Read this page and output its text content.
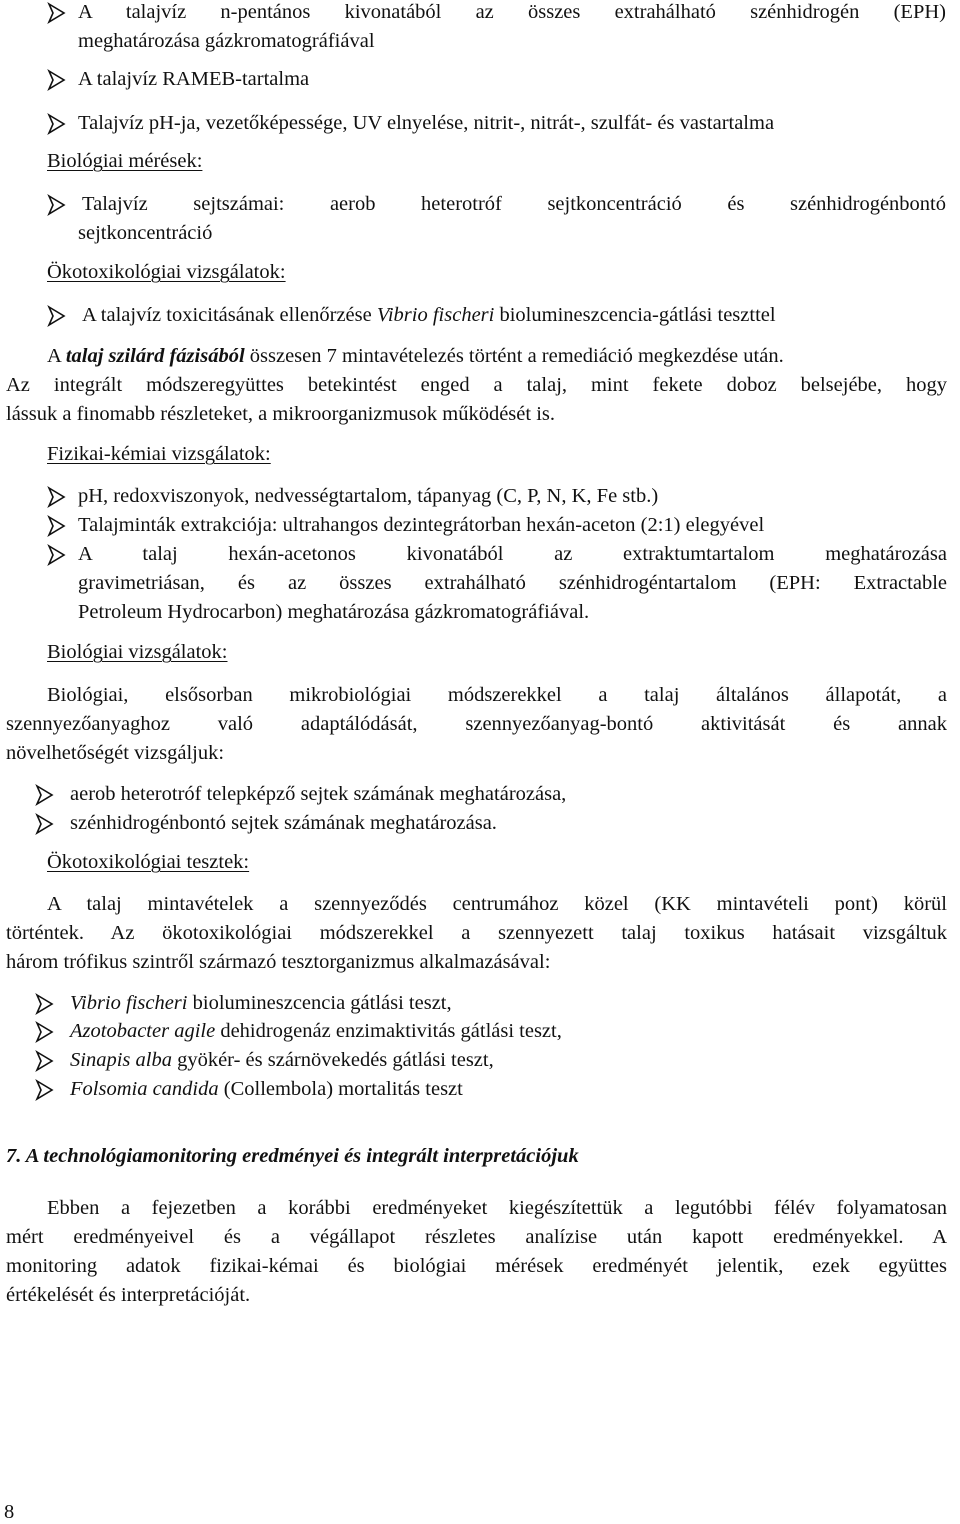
A talajvíz n-pentános kivonatából az összes extrahálható szénhidrogén (EPH)
meghatározása gázkromatográfiával
A talajvíz RAMEB-tartalma
Talajvíz pH-ja, vezetőképessége, UV elnyelése, nitrit-, nitrát-, szulfát- és vastartalma
Biológiai mérések:
Talajvíz sejtszámai: aerob heterotróf sejtkoncentráció és szénhidrogénbontó
sejtkoncentráció
Ökotoxikológiai vizsgálatok:
A talajvíz toxicitásának ellenőrzése Vibrio fischeri biolumineszcencia-gátlási teszttel
A talaj szilárd fázisából összesen 7 mintavételezés történt a remediáció megkezdése után.
Az integrált módszeregyüttes betekintést enged a talaj, mint fekete doboz belsejébe, hogy
lássuk a finomabb részleteket, a mikroorganizmusok működését is.
Fizikai-kémiai vizsgálatok:
pH, redoxviszonyok, nedvességtartalom, tápanyag (C, P, N, K, Fe stb.)
Talajminták extrakciója: ultrahangos dezintegrátorban hexán-aceton (2:1) elegyével
A talaj hexán-acetonos kivonatából az extraktumtartalom meghatározása
gravimetriásan, és az összes extrahálható szénhidrogéntartalom (EPH: Extractable
Petroleum Hydrocarbon) meghatározása gázkromatográfiával.
Biológiai vizsgálatok:
Biológiai, elsősorban mikrobiológiai módszerekkel a talaj általános állapotát, a
szennyezőanyaghoz való adaptálódását, szennyezőanyag-bontó aktivitását és annak
növelhetőségét vizsgáljuk:
aerob heterotróf telepképző sejtek számának meghatározása,
szénhidrogénbontó sejtek számának meghatározása.
Ökotoxikológiai tesztek:
A talaj mintavételek a szennyeződés centrumához közel (KK mintavételi pont) körül
történtek. Az ökotoxikológiai módszerekkel a szennyezett talaj toxikus hatásait vizsgáltuk
három trófikus szintről származó tesztorganizmus alkalmazásával:
Vibrio fischeri biolumineszcencia gátlási teszt,
Azotobacter agile dehidrogenáz enzimaktivitás gátlási teszt,
Sinapis alba gyökér- és szárnövekedés gátlási teszt,
Folsomia candida (Collembola) mortalitás teszt
7. A technológiamonitoring eredményei és integrált interpretációjuk
Ebben a fejezetben a korábbi eredményeket kiegészítettük a legutóbbi félév folyamatosan
mért eredményeivel és a végállapot részletes analízise után kapott eredményekkel. A
monitoring adatok fizikai-kémai és biológiai mérések eredményét jelentik, ezek együttes
értékelését és interpretációját.
8
